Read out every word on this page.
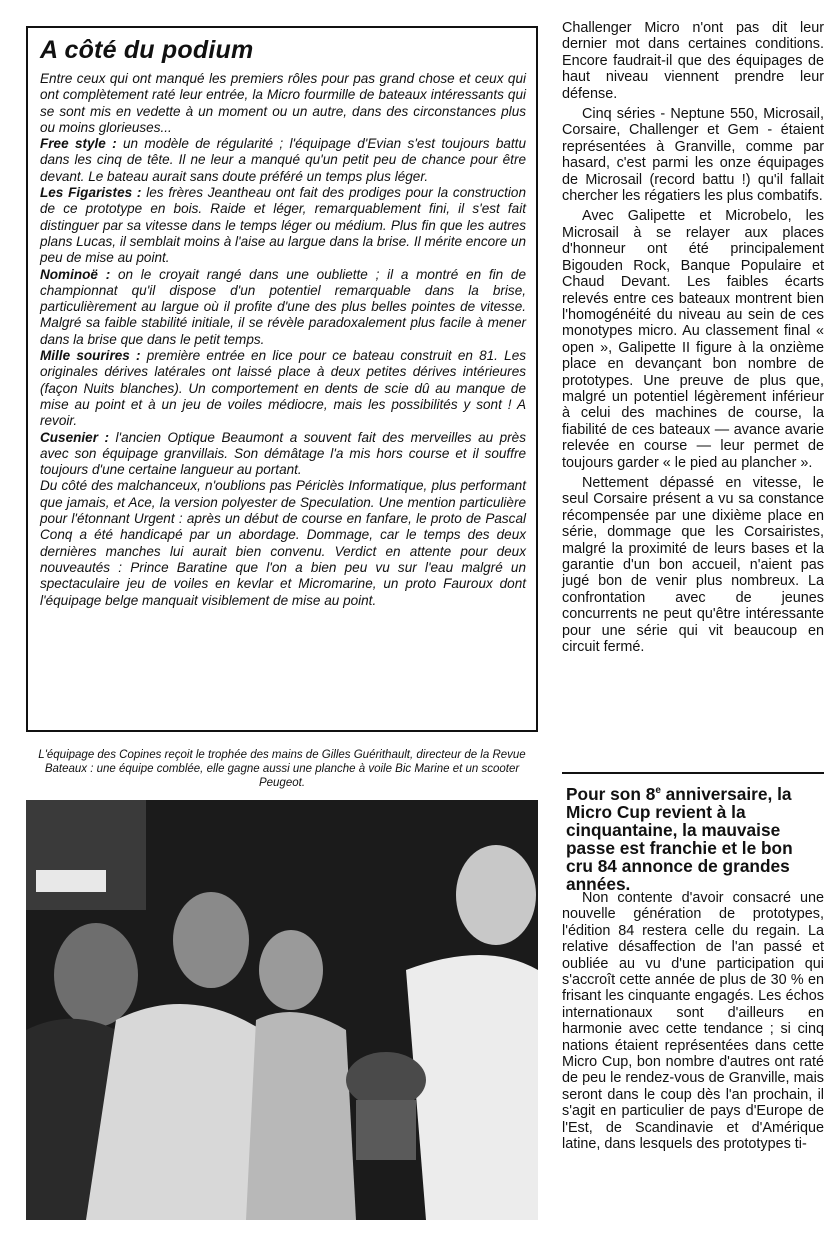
A côté du podium

Entre ceux qui ont manqué les premiers rôles pour pas grand chose et ceux qui ont complètement raté leur entrée, la Micro fourmille de bateaux intéressants qui se sont mis en vedette à un moment ou un autre, dans des circonstances plus ou moins glorieuses...

Free style : un modèle de régularité ; l'équipage d'Evian s'est toujours battu dans les cinq de tête. Il ne leur a manqué qu'un petit peu de chance pour être devant. Le bateau aurait sans doute préféré un temps plus léger.

Les Figaristes : les frères Jeantheau ont fait des prodiges pour la construction de ce prototype en bois. Raide et léger, remarquablement fini, il s'est fait distinguer par sa vitesse dans le temps léger ou médium. Plus fin que les autres plans Lucas, il semblait moins à l'aise au largue dans la brise. Il mérite encore un peu de mise au point.

Nominoë : on le croyait rangé dans une oubliette ; il a montré en fin de championnat qu'il dispose d'un potentiel remarquable dans la brise, particulièrement au largue où il profite d'une des plus belles pointes de vitesse. Malgré sa faible stabilité initiale, il se révèle paradoxalement plus facile à mener dans la brise que dans le petit temps.

Mille sourires : première entrée en lice pour ce bateau construit en 81. Les originales dérives latérales ont laissé place à deux petites dérives intérieures (façon Nuits blanches). Un comportement en dents de scie dû au manque de mise au point et à un jeu de voiles médiocre, mais les possibilités y sont ! A revoir.

Cusenier : l'ancien Optique Beaumont a souvent fait des merveilles au près avec son équipage granvillais. Son démâtage l'a mis hors course et il souffre toujours d'une certaine langueur au portant.

Du côté des malchanceux, n'oublions pas Périclès Informatique, plus performant que jamais, et Ace, la version polyester de Speculation. Une mention particulière pour l'étonnant Urgent : après un début de course en fanfare, le proto de Pascal Conq a été handicapé par un abordage. Dommage, car le temps des deux dernières manches lui aurait bien convenu. Verdict en attente pour deux nouveautés : Prince Baratine que l'on a bien peu vu sur l'eau malgré un spectaculaire jeu de voiles en kevlar et Micromarine, un proto Fauroux dont l'équipage belge manquait visiblement de mise au point.

L'équipage des Copines reçoit le trophée des mains de Gilles Guérithault, directeur de la Revue Bateaux : une équipe comblée, elle gagne aussi une planche à voile Bic Marine et un scooter Peugeot.

Challenger Micro n'ont pas dit leur dernier mot dans certaines conditions. Encore faudrait-il que des équipages de haut niveau viennent prendre leur défense.

Cinq séries - Neptune 550, Microsail, Corsaire, Challenger et Gem - étaient représentées à Granville, comme par hasard, c'est parmi les onze équipages de Microsail (record battu !) qu'il fallait chercher les régatiers les plus combatifs.

Avec Galipette et Microbelo, les Microsail à se relayer aux places d'honneur ont été principalement Bigouden Rock, Banque Populaire et Chaud Devant. Les faibles écarts relevés entre ces bateaux montrent bien l'homogénéité du niveau au sein de ces monotypes micro. Au classement final « open », Galipette II figure à la onzième place en devançant bon nombre de prototypes. Une preuve de plus que, malgré un potentiel légèrement inférieur à celui des machines de course, la fiabilité de ces bateaux — avance avarie relevée en course — leur permet de toujours garder « le pied au plancher ».

Nettement dépassé en vitesse, le seul Corsaire présent a vu sa constance récompensée par une dixième place en série, dommage que les Corsairistes, malgré la proximité de leurs bases et la garantie d'un bon accueil, n'aient pas jugé bon de venir plus nombreux. La confrontation avec de jeunes concurrents ne peut qu'être intéressante pour une série qui vit beaucoup en circuit fermé.

Pour son 8e anniversaire, la Micro Cup revient à la cinquantaine, la mauvaise passe est franchie et le bon cru 84 annonce de grandes années.

Non contente d'avoir consacré une nouvelle génération de prototypes, l'édition 84 restera celle du regain. La relative désaffection de l'an passé et oubliée au vu d'une participation qui s'accroît cette année de plus de 30 % en frisant les cinquante engagés. Les échos internationaux sont d'ailleurs en harmonie avec cette tendance ; si cinq nations étaient représentées dans cette Micro Cup, bon nombre d'autres ont raté de peu le rendez-vous de Granville, mais seront dans le coup dès l'an prochain, il s'agit en particulier de pays d'Europe de l'Est, de Scandinavie et d'Amérique latine, dans lesquels des prototypes ti-
